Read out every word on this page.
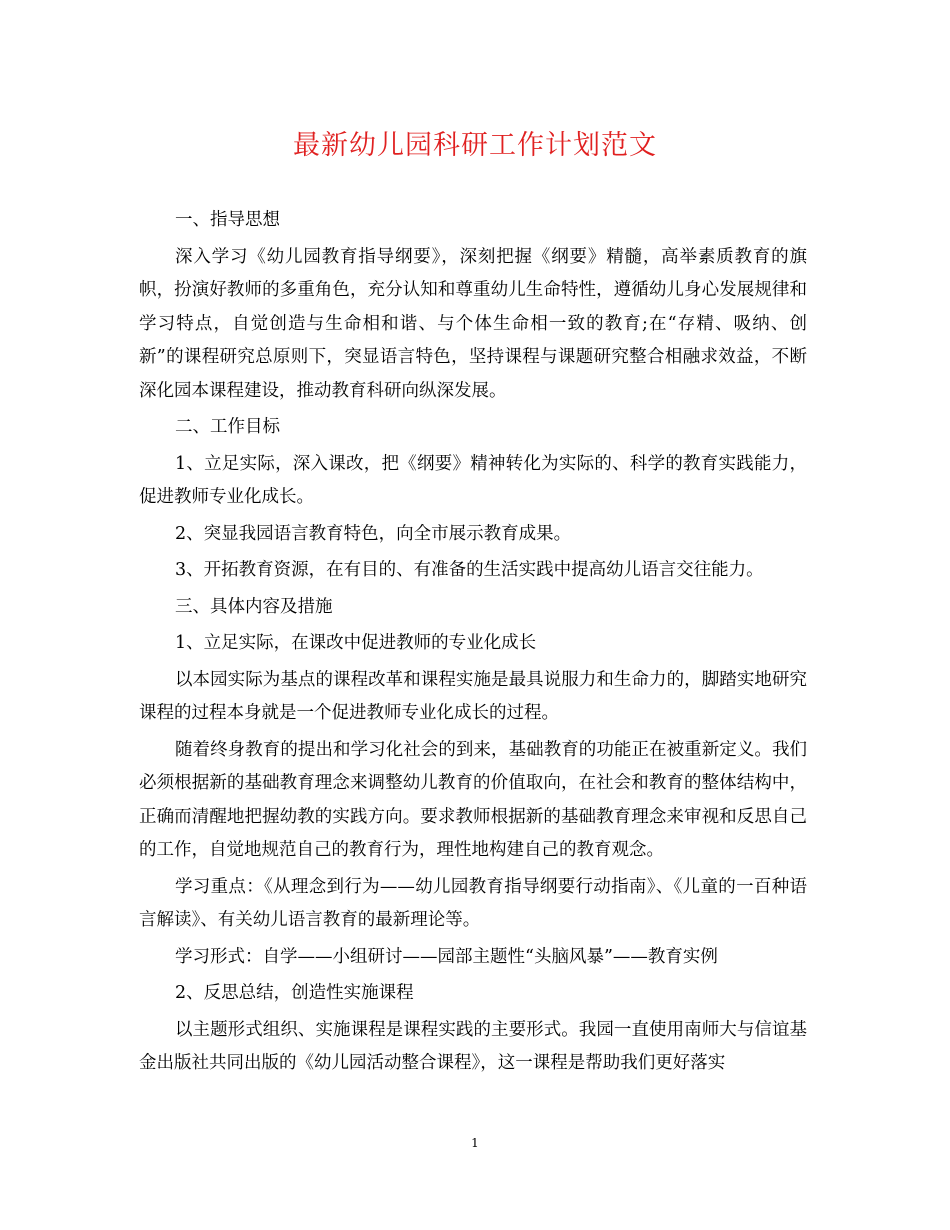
最新幼儿园科研工作计划范文

一、指导思想

深入学习《幼儿园教育指导纲要》，深刻把握《纲要》精髓，高举素质教育的旗帜，扮演好教师的多重角色，充分认知和尊重幼儿生命特性，遵循幼儿身心发展规律和学习特点，自觉创造与生命相和谐、与个体生命相一致的教育;在“存精、吸纳、创新”的课程研究总原则下，突显语言特色，坚持课程与课题研究整合相融求效益，不断深化园本课程建设，推动教育科研向纵深发展。

二、工作目标

1、立足实际，深入课改，把《纲要》精神转化为实际的、科学的教育实践能力，促进教师专业化成长。

2、突显我园语言教育特色，向全市展示教育成果。

3、开拓教育资源，在有目的、有准备的生活实践中提高幼儿语言交往能力。

三、具体内容及措施

1、立足实际，在课改中促进教师的专业化成长

以本园实际为基点的课程改革和课程实施是最具说服力和生命力的，脚踏实地研究课程的过程本身就是一个促进教师专业化成长的过程。

随着终身教育的提出和学习化社会的到来，基础教育的功能正在被重新定义。我们必须根据新的基础教育理念来调整幼儿教育的价值取向，在社会和教育的整体结构中，正确而清醒地把握幼教的实践方向。要求教师根据新的基础教育理念来审视和反思自己的工作，自觉地规范自己的教育行为，理性地构建自己的教育观念。

学习重点：《从理念到行为——幼儿园教育指导纲要行动指南》、《儿童的一百种语言解读》、有关幼儿语言教育的最新理论等。

学习形式：自学——小组研讨——园部主题性“头脑风暴”——教育实例

2、反思总结，创造性实施课程

以主题形式组织、实施课程是课程实践的主要形式。我园一直使用南师大与信谊基金出版社共同出版的《幼儿园活动整合课程》，这一课程是帮助我们更好落实

1
